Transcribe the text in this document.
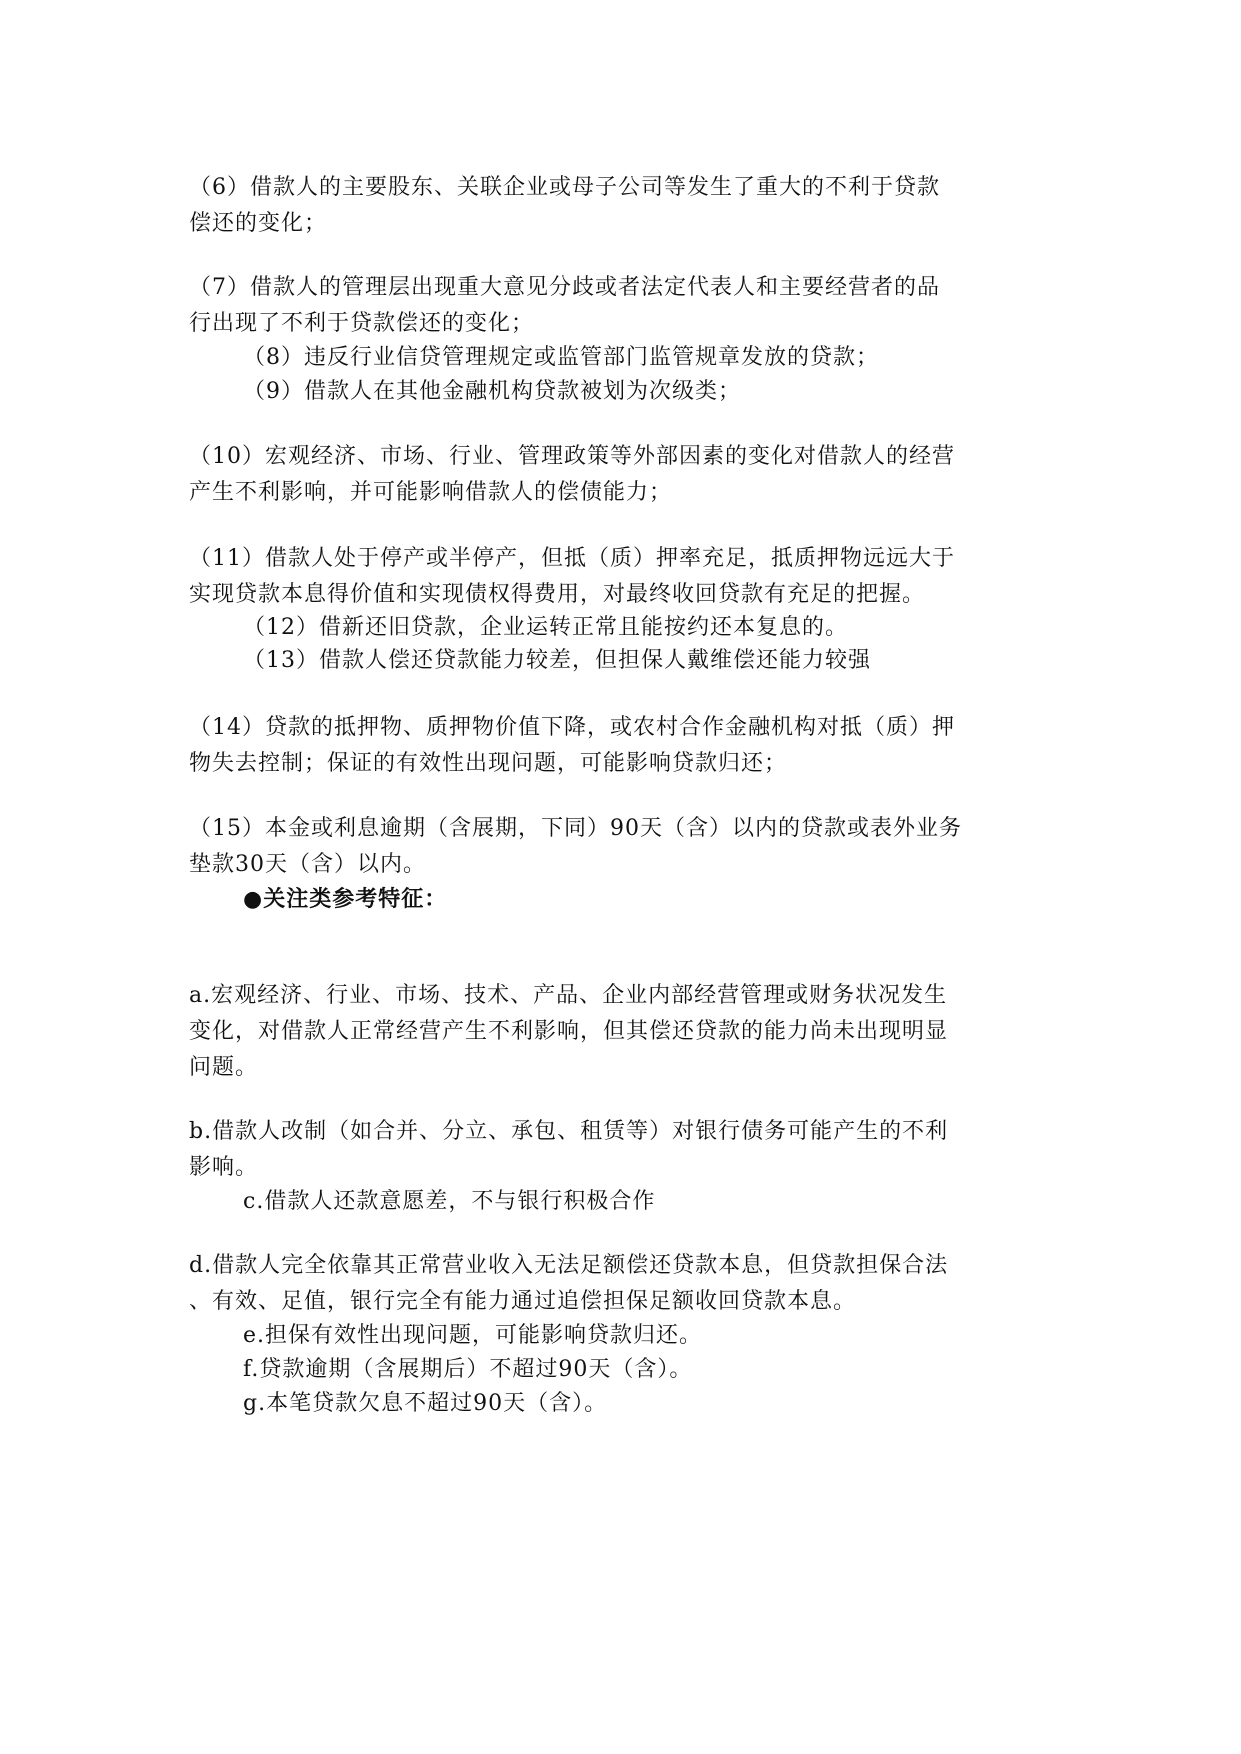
（6）借款人的主要股东、关联企业或母子公司等发生了重大的不利于贷款
偿还的变化；
（7）借款人的管理层出现重大意见分歧或者法定代表人和主要经营者的品
行出现了不利于贷款偿还的变化；
（8）违反行业信贷管理规定或监管部门监管规章发放的贷款；
（9）借款人在其他金融机构贷款被划为次级类；
（10）宏观经济、市场、行业、管理政策等外部因素的变化对借款人的经营
产生不利影响，并可能影响借款人的偿债能力；
（11）借款人处于停产或半停产，但抵（质）押率充足，抵质押物远远大于
实现贷款本息得价值和实现债权得费用，对最终收回贷款有充足的把握。
（12）借新还旧贷款，企业运转正常且能按约还本复息的。
（13）借款人偿还贷款能力较差，但担保人戴维偿还能力较强
（14）贷款的抵押物、质押物价值下降，或农村合作金融机构对抵（质）押
物失去控制；保证的有效性出现问题，可能影响贷款归还；
（15）本金或利息逾期（含展期，下同）90天（含）以内的贷款或表外业务
垫款30天（含）以内。
●关注类参考特征：
a.宏观经济、行业、市场、技术、产品、企业内部经营管理或财务状况发生
变化，对借款人正常经营产生不利影响，但其偿还贷款的能力尚未出现明显
问题。
b.借款人改制（如合并、分立、承包、租赁等）对银行债务可能产生的不利
影响。
c.借款人还款意愿差，不与银行积极合作
d.借款人完全依靠其正常营业收入无法足额偿还贷款本息，但贷款担保合法
、有效、足值，银行完全有能力通过追偿担保足额收回贷款本息。
e.担保有效性出现问题，可能影响贷款归还。
f.贷款逾期（含展期后）不超过90天（含）。
g.本笔贷款欠息不超过90天（含）。
